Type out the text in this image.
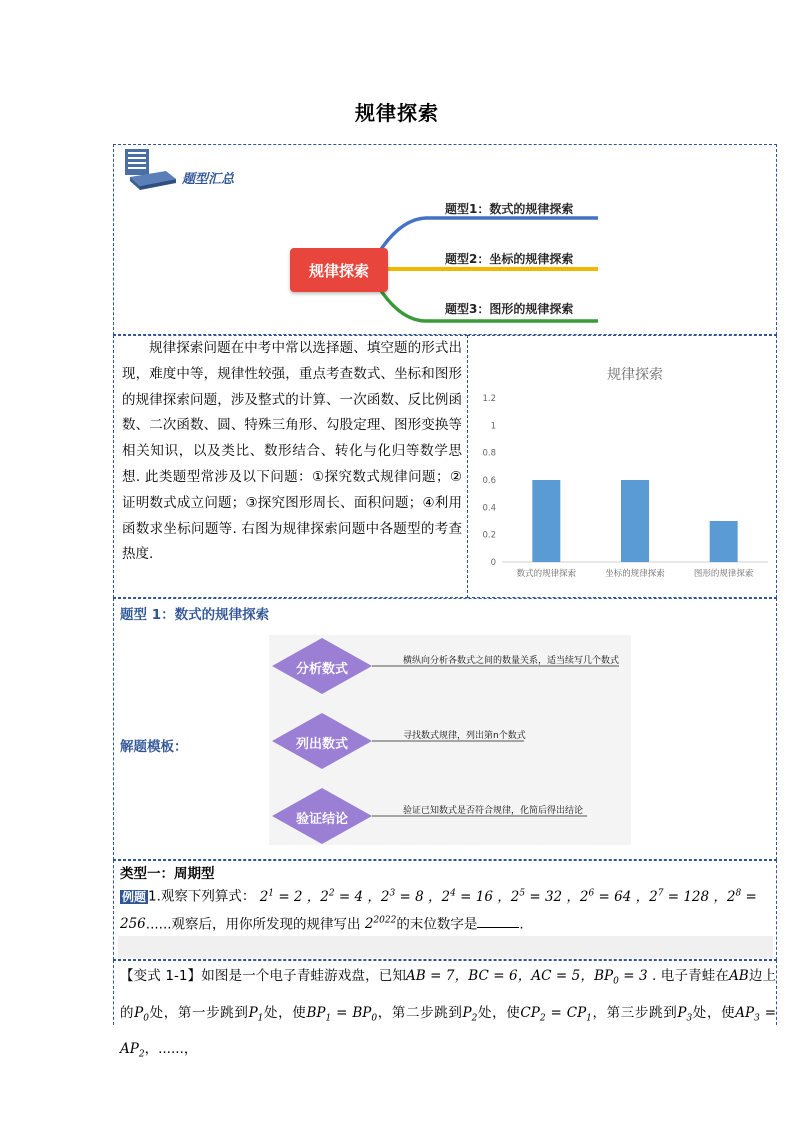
规律探索
题型汇总
规律探索
题型1：数式的规律探索
题型2：坐标的规律探索
题型3：图形的规律探索

规律探索问题在中考中常以选择题、填空题的形式出现，难度中等，规律性较强，重点考查数式、坐标和图形的规律探索问题，涉及整式的计算、一次函数、反比例函数、二次函数、圆、特殊三角形、勾股定理、图形变换等相关知识，以及类比、数形结合、转化与化归等数学思想. 此类题型常涉及以下问题：①探究数式规律问题；②证明数式成立问题；③探究图形周长、面积问题；④利用函数求坐标问题等. 右图为规律探索问题中各题型的考查热度.

规律探索
0
0.2
0.4
0.6
0.8
1
1.2
数式的规律探索	坐标的规律探索	图形的规律探索
题型 1：数式的规律探索
解题模板：
分析数式
列出数式
验证结论
横纵向分析各数式之间的数量关系，适当续写几个数式
寻找数式规律，列出第n个数式
验证已知数式是否符合规律，化简后得出结论
类型一：周期型
例题 1.观察下列算式： $2^1 = 2$ ，$2^2 = 4$ ，$2^3 = 8$ ，$2^4 = 16$ ，$2^5 = 32$ ，$2^6 = 64$ ，$2^7 = 128$ ，$2^8 = 256$......观察后，用你所发现的规律写出 $2^{2022}$的末位数字是	.
【变式 1-1】如图是一个电子青蛙游戏盘，已知AB = 7，BC = 6，AC = 5，$BP_0 = 3$ . 电子青蛙在AB边上的$P_0$处，第一步跳到$P_1$处，使$BP_1 = BP_0$，第二步跳到$P_2$处，使$CP_2 = CP_1$，第三步跳到$P_3$处，使$AP_3 = AP_2$，......，
